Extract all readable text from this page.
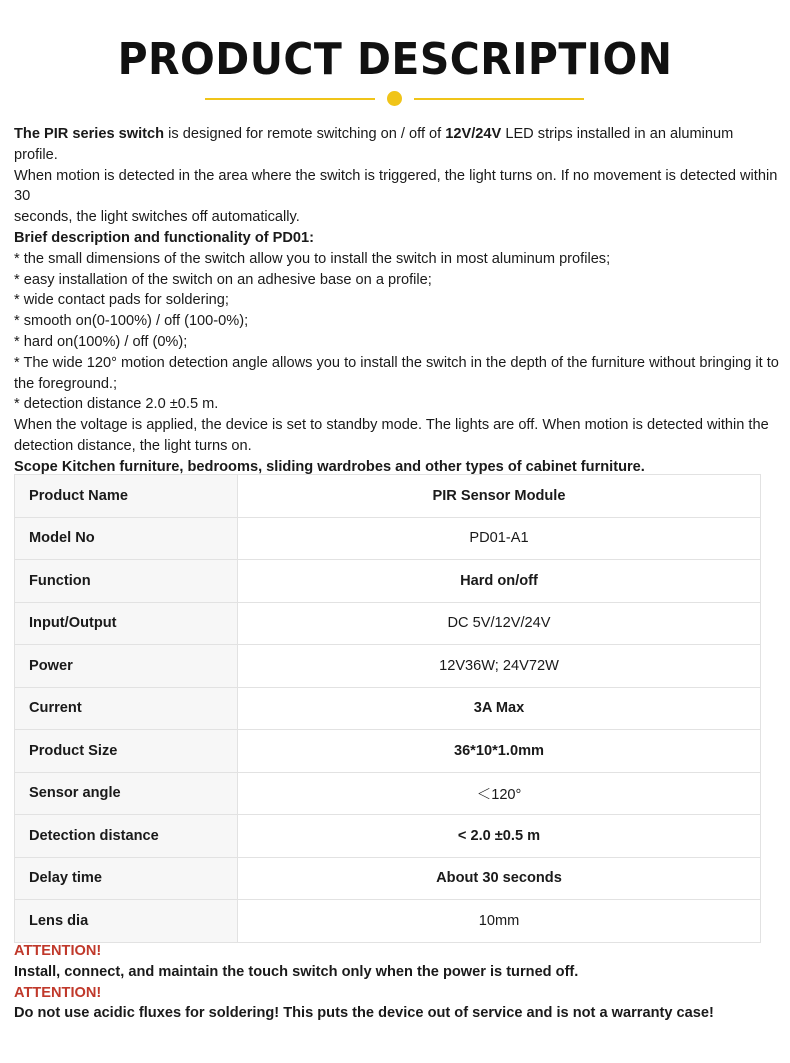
PRODUCT DESCRIPTION

The PIR series switch is designed for remote switching on / off of 12V/24V LED strips installed in an aluminum profile.

When motion is detected in the area where the switch is triggered, the light turns on. If no movement is detected within 30

seconds, the light switches off automatically.

Brief description and functionality of PD01:

* the small dimensions of the switch allow you to install the switch in most aluminum profiles;

* easy installation of the switch on an adhesive base on a profile;

* wide contact pads for soldering;

* smooth on(0-100%) / off (100-0%);

* hard on(100%) / off (0%);

* The wide 120° motion detection angle allows you to install the switch in the depth of the furniture without bringing it to the foreground.;

* detection distance 2.0 ±0.5 m.

When the voltage is applied, the device is set to standby mode. The lights are off. When motion is detected within the detection distance, the light turns on.

Scope Kitchen furniture, bedrooms, sliding wardrobes and other types of cabinet furniture.

Product Name	PIR Sensor Module
Model No	PD01-A1
Function	Hard on/off
Input/Output	DC 5V/12V/24V
Power	12V36W; 24V72W
Current	3A Max
Product Size	36*10*1.0mm
Sensor angle	＜120°
Detection distance	< 2.0 ±0.5 m
Delay time	About 30 seconds
Lens dia	10mm

ATTENTION!

Install, connect, and maintain the touch switch only when the power is turned off.

ATTENTION!

Do not use acidic fluxes for soldering! This puts the device out of service and is not a warranty case!
